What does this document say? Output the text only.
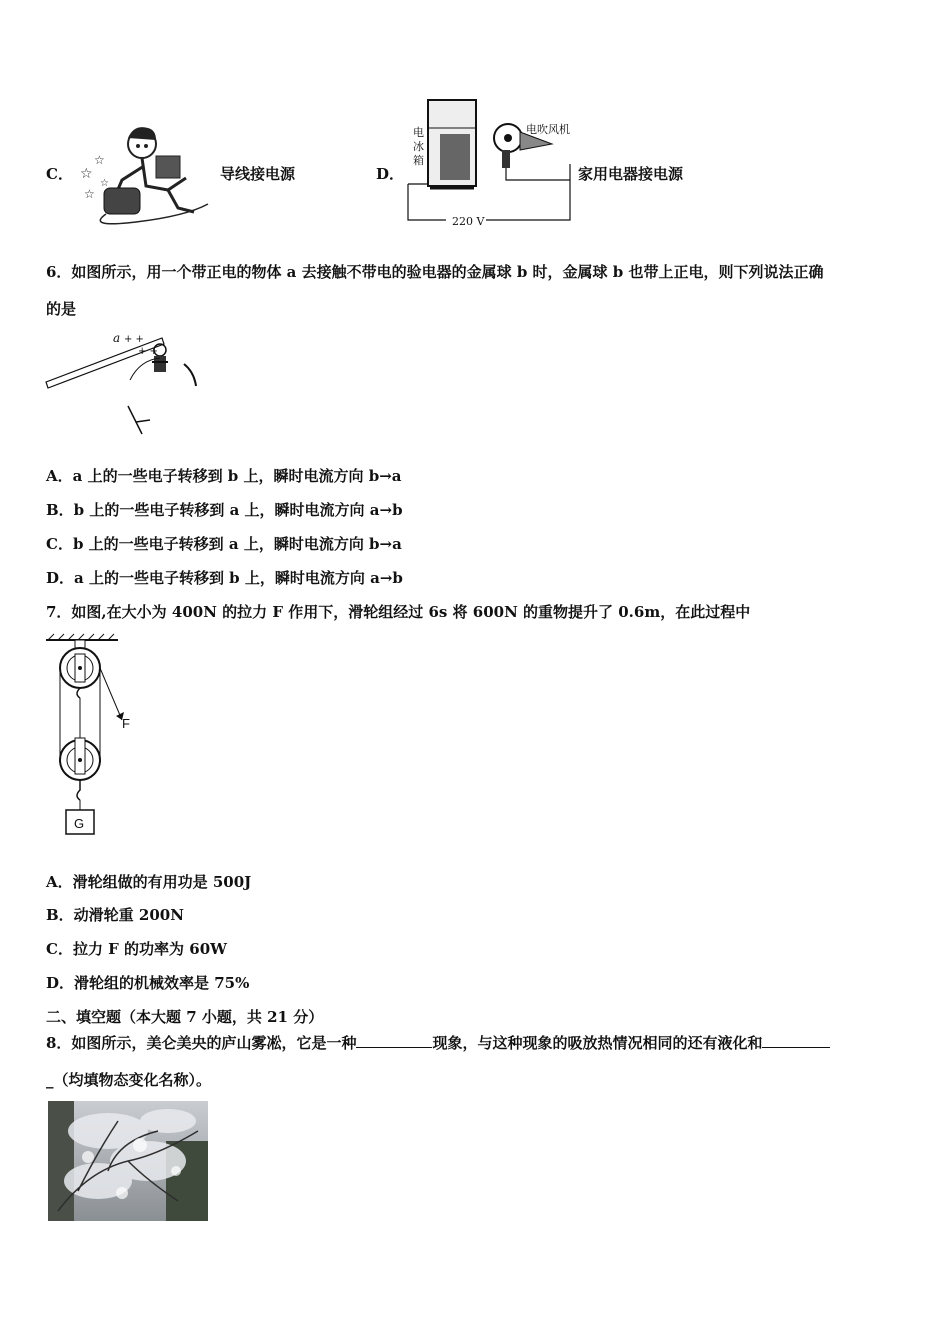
C． ☆
☆
☆
☆
导线接电源	D．
电
冰
箱
电吹风机
220 V
家用电器接电源
6．如图所示，用一个带正电的物体 a 去接触不带电的验电器的金属球 b 时，金属球 b 也带上正电，则下列说法正确
的是
a + +
+ +
A．a 上的一些电子转移到 b 上，瞬时电流方向 b→a
B．b 上的一些电子转移到 a 上，瞬时电流方向 a→b
C．b 上的一些电子转移到 a 上，瞬时电流方向 b→a
D．a 上的一些电子转移到 b 上，瞬时电流方向 a→b
7．如图,在大小为 400N 的拉力 F 作用下，滑轮组经过 6s 将 600N 的重物提升了 0.6m，在此过程中
F
G
A．滑轮组做的有用功是 500J
B．动滑轮重 200N
C．拉力 F 的功率为 60W
D．滑轮组的机械效率是 75%
二、填空题（本大题 7 小题，共 21 分）
8．如图所示，美仑美央的庐山雾凇，它是一种	现象，与这种现象的吸放热情况相同的还有液化和
_（均填物态变化名称）。
